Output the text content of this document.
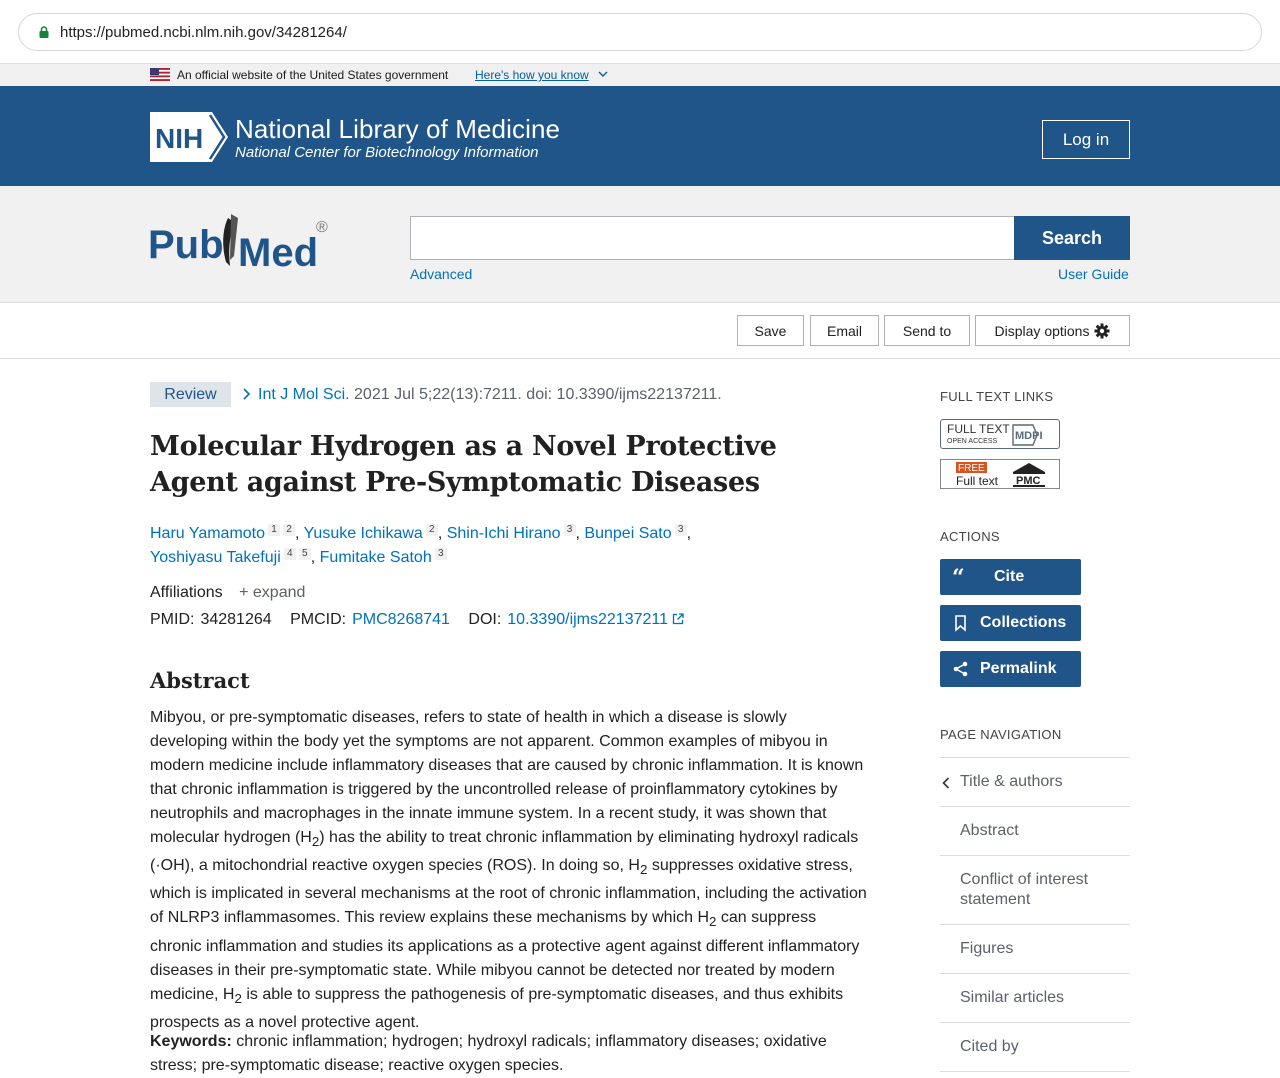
https://pubmed.ncbi.nlm.nih.gov/34281264/
An official website of the United States government Here's how you know
NIH National Library of Medicine
National Center for Biotechnology Information
Log in
Pub Med
®	Search
Advanced	User Guide
Save	Email	Send to	Display options
Review	Int J Mol Sci. 2021 Jul 5;22(13):7211. doi: 10.3390/ijms22137211.
Molecular Hydrogen as a Novel Protective Agent against Pre-Symptomatic Diseases
Haru Yamamoto 1 2 , Yusuke Ichikawa 2 , Shin-Ichi Hirano 3 , Bunpei Sato 3 ,
Yoshiyasu Takefuji 4 5 , Fumitake Satoh 3
Affiliations + expand
PMID: 34281264 PMCID: PMC8268741 DOI: 10.3390/ijms22137211
Abstract

Mibyou, or pre-symptomatic diseases, refers to state of health in which a disease is slowly developing within the body yet the symptoms are not apparent. Common examples of mibyou in modern medicine include inflammatory diseases that are caused by chronic inflammation. It is known that chronic inflammation is triggered by the uncontrolled release of proinflammatory cytokines by neutrophils and macrophages in the innate immune system. In a recent study, it was shown that molecular hydrogen $(H_2)$ has the ability to treat chronic inflammation by eliminating hydroxyl radicals (·OH), a mitochondrial reactive oxygen species (ROS). In doing so, $H_2$ suppresses oxidative stress, which is implicated in several mechanisms at the root of chronic inflammation, including the activation of NLRP3 inflammasomes. This review explains these mechanisms by which $H_2$ can suppress chronic inflammation and studies its applications as a protective agent against different inflammatory diseases in their pre-symptomatic state. While mibyou cannot be detected nor treated by modern medicine, $H_2$ is able to suppress the pathogenesis of pre-symptomatic diseases, and thus exhibits prospects as a novel protective agent.

Keywords: chronic inflammation; hydrogen; hydroxyl radicals; inflammatory diseases; oxidative stress; pre-symptomatic disease; reactive oxygen species.

FULL TEXT LINKS
FULL TEXT
OPEN ACCESS MDPI
FREE
Full text PMC
ACTIONS
“ Cite
Collections
Permalink
PAGE NAVIGATION
Title & authors
Abstract
Conflict of interest statement
Figures
Similar articles
Cited by
